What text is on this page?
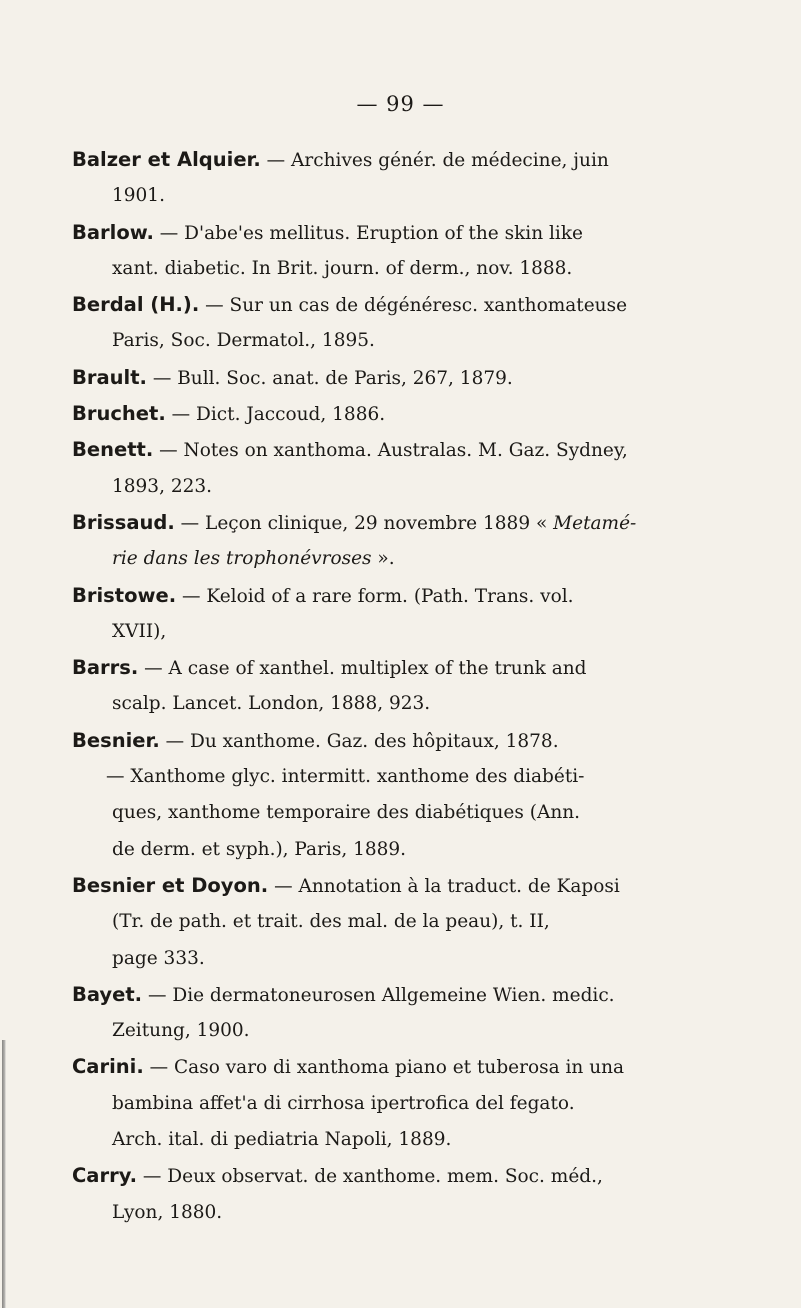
— 99 —
Balzer et Alquier. — Archives génér. de médecine, juin
1901.
Barlow. — D'abe'es mellitus. Eruption of the skin like
xant. diabetic. In Brit. journ. of derm., nov. 1888.
Berdal (H.). — Sur un cas de dégénéresc. xanthomateuse
Paris, Soc. Dermatol., 1895.
Brault. — Bull. Soc. anat. de Paris, 267, 1879.
Bruchet. — Dict. Jaccoud, 1886.
Benett. — Notes on xanthoma. Australas. M. Gaz. Sydney,
1893, 223.
Brissaud. — Leçon clinique, 29 novembre 1889 « Metamé-
rie dans les trophonévroses ».
Bristowe. — Keloid of a rare form. (Path. Trans. vol.
XVII),
Barrs. — A case of xanthel. multiplex of the trunk and
scalp. Lancet. London, 1888, 923.
Besnier. — Du xanthome. Gaz. des hôpitaux, 1878.
— Xanthome glyc. intermitt. xanthome des diabéti-
ques, xanthome temporaire des diabétiques (Ann.
de derm. et syph.), Paris, 1889.
Besnier et Doyon. — Annotation à la traduct. de Kaposi
(Tr. de path. et trait. des mal. de la peau), t. II,
page 333.
Bayet. — Die dermatoneurosen Allgemeine Wien. medic.
Zeitung, 1900.
Carini. — Caso varo di xanthoma piano et tuberosa in una
bambina affet'a di cirrhosa ipertrofica del fegato.
Arch. ital. di pediatria Napoli, 1889.
Carry. — Deux observat. de xanthome. mem. Soc. méd.,
Lyon, 1880.
